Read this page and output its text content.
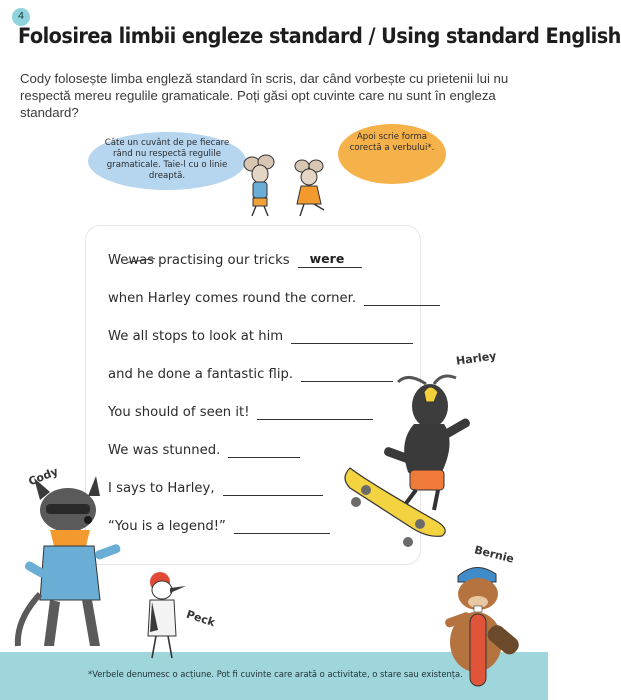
4
Folosirea limbii engleze standard / Using standard English
Cody folosește limba engleză standard în scris, dar când vorbește cu prietenii lui nu respectă mereu regulile gramaticale. Poți găsi opt cuvinte care nu sunt în engleza standard?
Câte un cuvânt de pe fiecare rând nu respectă regulile gramaticale. Taie-l cu o linie dreaptă.
Apoi scrie forma corectă a verbului*.
We was practising our tricks were
when Harley comes round the corner.
We all stops to look at him
and he done a fantastic flip.
You should of seen it!
We was stunned.
I says to Harley,
“You is a legend!”
Harley
Cody
Peck
Bernie
*Verbele denumesc o acțiune. Pot fi cuvinte care arată o activitate, o stare sau existența.
